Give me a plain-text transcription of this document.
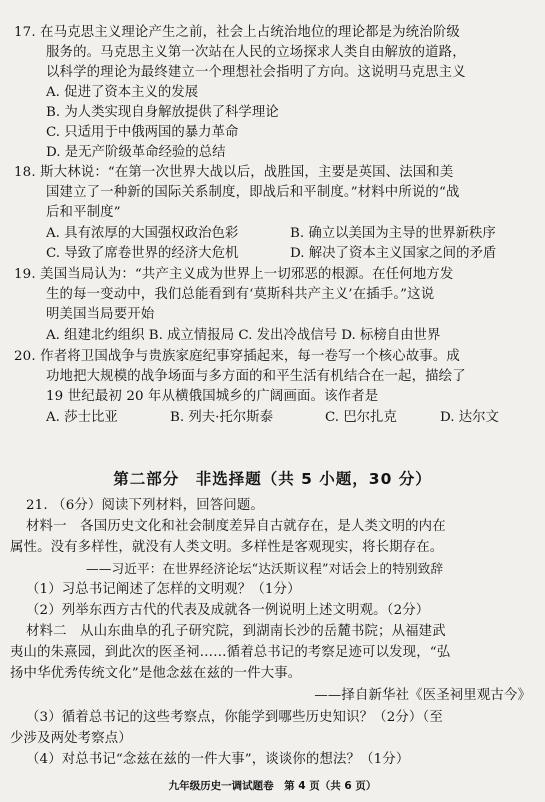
17. 在马克思主义理论产生之前，社会上占统治地位的理论都是为统治阶级
服务的。马克思主义第一次站在人民的立场探求人类自由解放的道路，
以科学的理论为最终建立一个理想社会指明了方向。这说明马克思主义
A. 促进了资本主义的发展
B. 为人类实现自身解放提供了科学理论
C. 只适用于中俄两国的暴力革命
D. 是无产阶级革命经验的总结
18. 斯大林说：“在第一次世界大战以后，战胜国，主要是英国、法国和美
国建立了一种新的国际关系制度，即战后和平制度。”材料中所说的“战
后和平制度”
A. 具有浓厚的大国强权政治色彩	B. 确立以美国为主导的世界新秩序
C. 导致了席卷世界的经济大危机	D. 解决了资本主义国家之间的矛盾
19. 美国当局认为：“共产主义成为世界上一切邪恶的根源。在任何地方发
生的每一变动中，我们总能看到有‘莫斯科共产主义’在插手。”这说
明美国当局要开始
A. 组建北约组织 B. 成立情报局 C. 发出冷战信号 D. 标榜自由世界
20. 作者将卫国战争与贵族家庭纪事穿插起来，每一卷写一个核心故事。成
功地把大规模的战争场面与多方面的和平生活有机结合在一起，描绘了
19 世纪最初 20 年从横俄国城乡的广阔画面。该作者是
A. 莎士比亚	B. 列夫·托尔斯泰	C. 巴尔扎克	D. 达尔文
第二部分　非选择题（共 5 小题，30 分）
21. （6分）阅读下列材料，回答问题。
材料一　各国历史文化和社会制度差异自古就存在，是人类文明的内在
属性。没有多样性，就没有人类文明。多样性是客观现实，将长期存在。
——习近平：在世界经济论坛“达沃斯议程”对话会上的特别致辞
（1）习总书记阐述了怎样的文明观？（1分）
（2）列举东西方古代的代表及成就各一例说明上述文明观。（2分）
材料二　从山东曲阜的孔子研究院，到湖南长沙的岳麓书院；从福建武
夷山的朱熹园，到此次的医圣祠……循着总书记的考察足迹可以发现，“弘
扬中华优秀传统文化”是他念兹在兹的一件大事。
——择自新华社《医圣祠里观古今》
（3）循着总书记的这些考察点，你能学到哪些历史知识？（2分）（至
少涉及两处考察点）
（4）对总书记“念兹在兹的一件大事”，谈谈你的想法？（1分）
九年级历史一调试题卷　第 4 页（共 6 页）
